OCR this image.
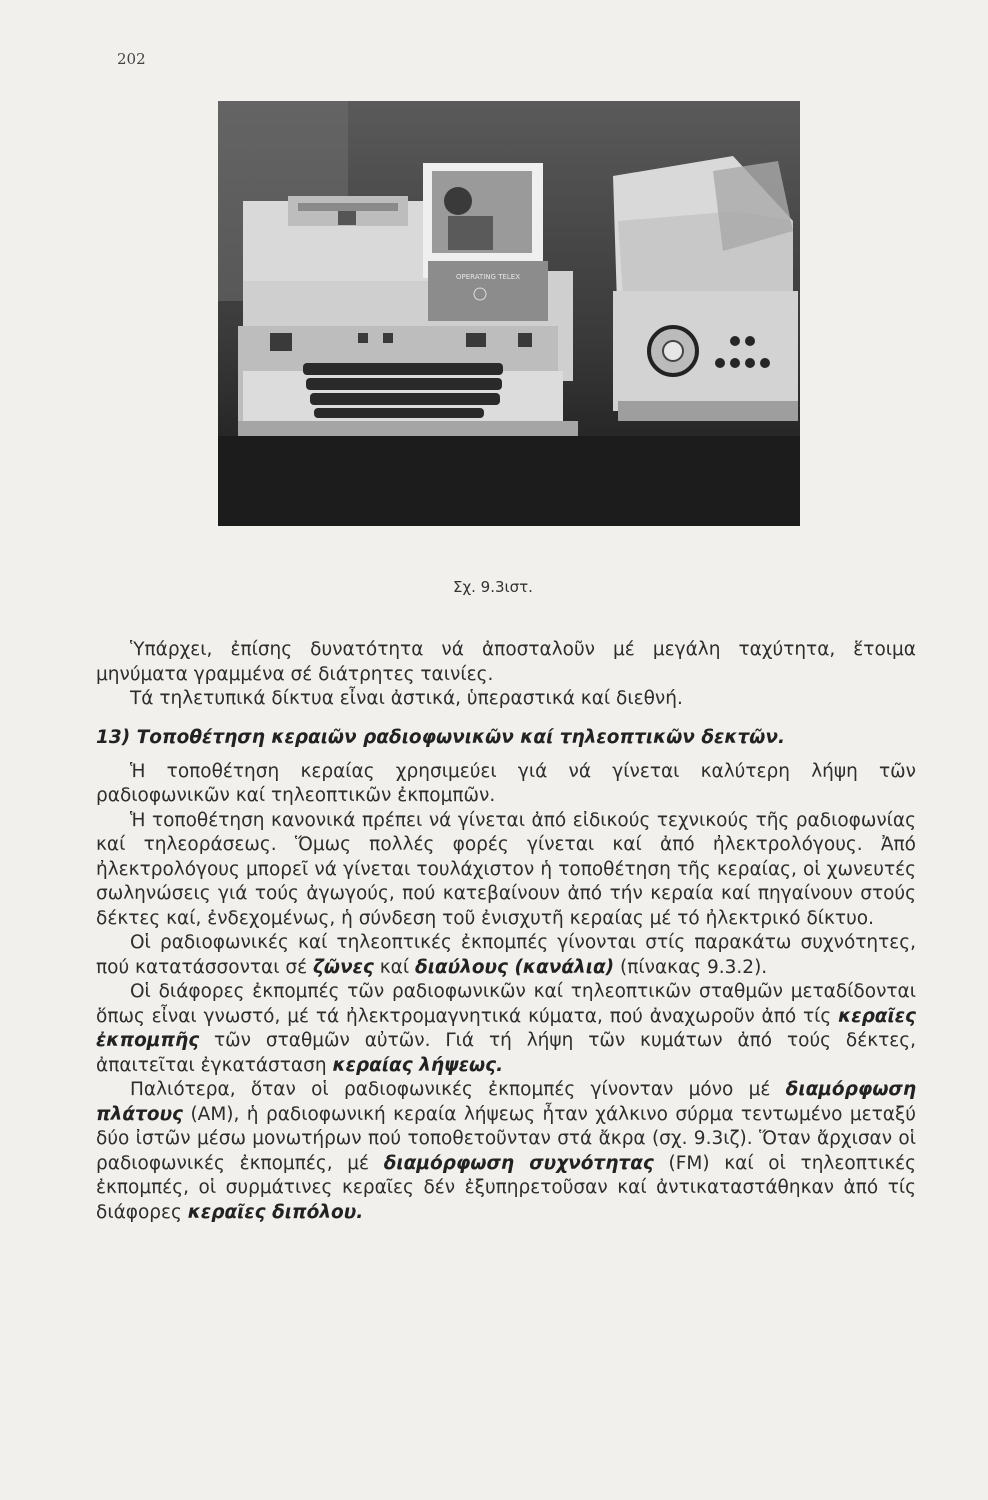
202
OPERATING TELEX
Σχ. 9.3ιστ.

Ὑπάρχει, ἐπίσης δυνατότητα νά ἀποσταλοῦν μέ μεγάλη ταχύτητα, ἕτοιμα μηνύματα γραμμένα σέ διάτρητες ταινίες.

Τά τηλετυπικά δίκτυα εἶναι ἀστικά, ὑπεραστικά καί διεθνή.

13) Τοποθέτηση κεραιῶν ραδιοφωνικῶν καί τηλεοπτικῶν δεκτῶν.

Ἡ τοποθέτηση κεραίας χρησιμεύει γιά νά γίνεται καλύτερη λήψη τῶν ραδιοφωνικῶν καί τηλεοπτικῶν ἐκπομπῶν.

Ἡ τοποθέτηση κανονικά πρέπει νά γίνεται ἀπό εἰδικούς τεχνικούς τῆς ραδιοφωνίας καί τηλεοράσεως. Ὅμως πολλές φορές γίνεται καί ἀπό ἠλεκτρολόγους. Ἀπό ἠλεκτρολόγους μπορεῖ νά γίνεται τουλάχιστον ἡ τοποθέτηση τῆς κεραίας, οἱ χωνευτές σωληνώσεις γιά τούς ἀγωγούς, πού κατεβαίνουν ἀπό τήν κεραία καί πηγαίνουν στούς δέκτες καί, ἐνδεχομένως, ἡ σύνδεση τοῦ ἐνισχυτῆ κεραίας μέ τό ἠλεκτρικό δίκτυο.

Οἱ ραδιοφωνικές καί τηλεοπτικές ἐκπομπές γίνονται στίς παρακάτω συχνότητες, πού κατατάσσονται σέ ζῶνες καί διαύλους (κανάλια) (πίνακας 9.3.2).

Οἱ διάφορες ἐκπομπές τῶν ραδιοφωνικῶν καί τηλεοπτικῶν σταθμῶν μεταδίδονται ὅπως εἶναι γνωστό, μέ τά ἠλεκτρομαγνητικά κύματα, πού ἀναχωροῦν ἀπό τίς κεραῖες ἐκπομπῆς τῶν σταθμῶν αὐτῶν. Γιά τή λήψη τῶν κυμάτων ἀπό τούς δέκτες, ἀπαιτεῖται ἐγκατάσταση κεραίας λήψεως.

Παλιότερα, ὅταν οἱ ραδιοφωνικές ἐκπομπές γίνονταν μόνο μέ διαμόρφωση πλάτους (AM), ἡ ραδιοφωνική κεραία λήψεως ἦταν χάλκινο σύρμα τεντωμένο μεταξύ δύο ἰστῶν μέσω μονωτήρων πού τοποθετοῦνταν στά ἄκρα (σχ. 9.3ιζ). Ὅταν ἄρχισαν οἱ ραδιοφωνικές ἐκπομπές, μέ διαμόρφωση συχνότητας (FM) καί οἱ τηλεοπτικές ἐκπομπές, οἱ συρμάτινες κεραῖες δέν ἐξυπηρετοῦσαν καί ἀντικαταστάθηκαν ἀπό τίς διάφορες κεραῖες διπόλου.
